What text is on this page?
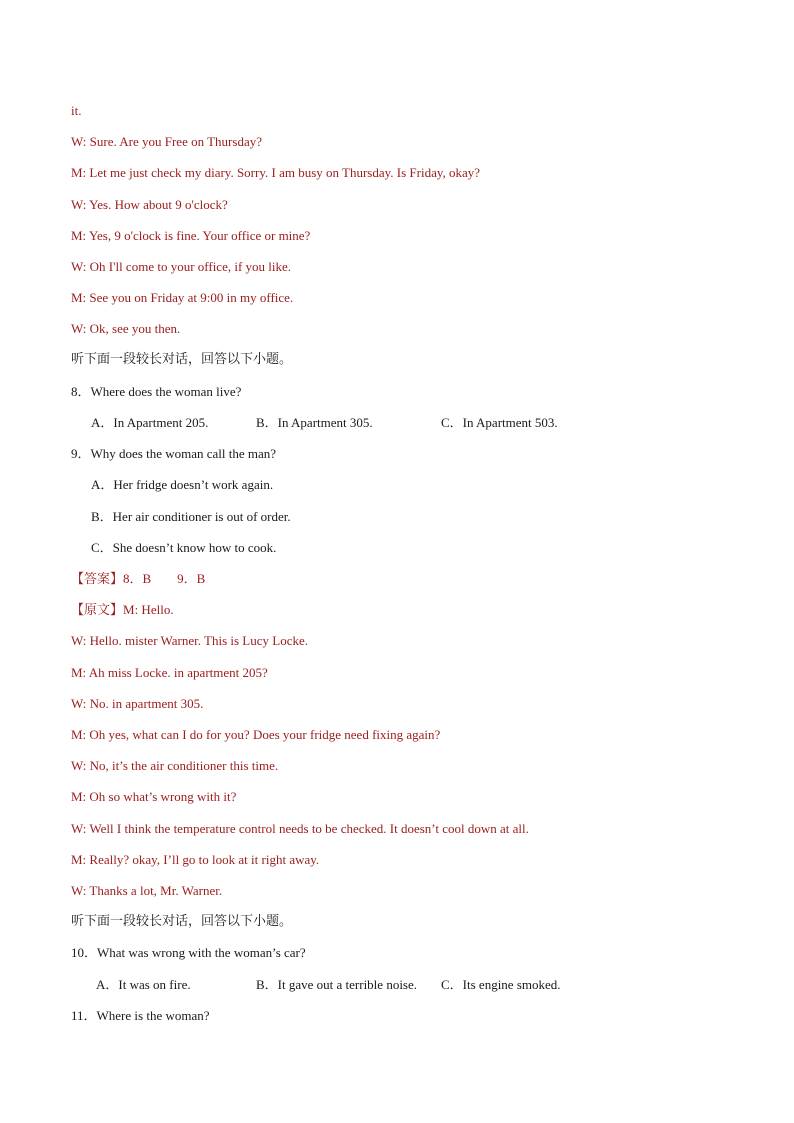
it.
W: Sure. Are you Free on Thursday?
M: Let me just check my diary. Sorry. I am busy on Thursday. Is Friday, okay?
W: Yes. How about 9 o'clock?
M: Yes, 9 o'clock is fine. Your office or mine?
W: Oh I'll come to your office, if you like.
M: See you on Friday at 9:00 in my office.
W: Ok, see you then.
听下面一段较长对话，回答以下小题。
8．Where does the woman live?
A．In Apartment 205.	B．In Apartment 305.	C．In Apartment 503.
9．Why does the woman call the man?
A．Her fridge doesn’t work again.
B．Her air conditioner is out of order.
C．She doesn’t know how to cook.
【答案】8．B        9．B
【原文】M: Hello.
W: Hello. mister Warner. This is Lucy Locke.
M: Ah miss Locke. in apartment 205?
W: No. in apartment 305.
M: Oh yes, what can I do for you? Does your fridge need fixing again?
W: No, it’s the air conditioner this time.
M: Oh so what’s wrong with it?
W: Well I think the temperature control needs to be checked. It doesn’t cool down at all.
M: Really? okay, I’ll go to look at it right away.
W: Thanks a lot, Mr. Warner.
听下面一段较长对话，回答以下小题。
10．What was wrong with the woman’s car?
A．It was on fire.	B．It gave out a terrible noise. C．Its engine smoked.
11．Where is the woman?
